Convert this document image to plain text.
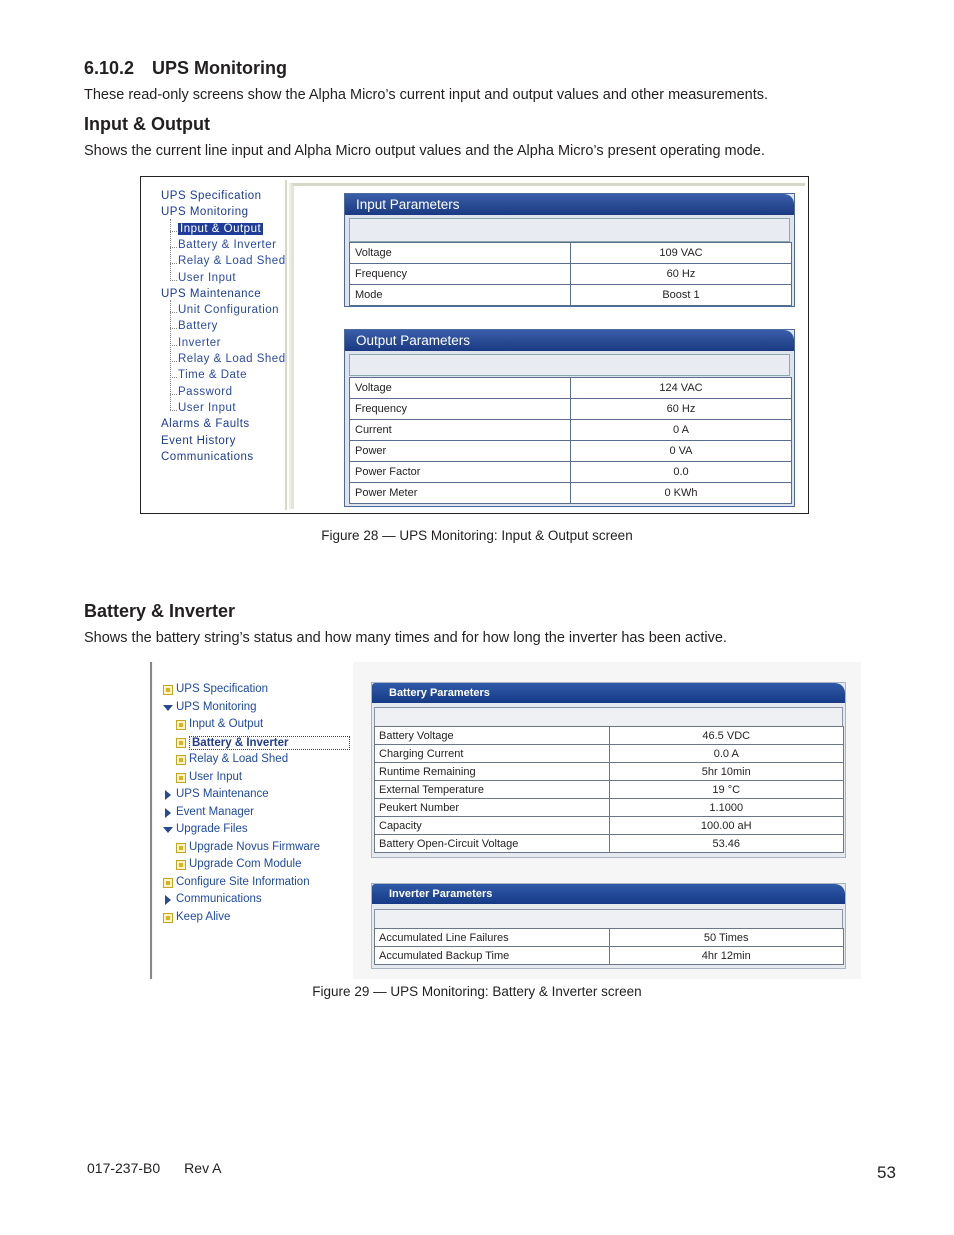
6.10.2 UPS Monitoring
These read-only screens show the Alpha Micro’s current input and output values and other measurements.
Input & Output
Shows the current line input and Alpha Micro output values and the Alpha Micro’s present operating mode.
UPS Specification
UPS Monitoring
Input & Output
Battery & Inverter
Relay & Load Shed
User Input
UPS Maintenance
Unit Configuration
Battery
Inverter
Relay & Load Shed
Time & Date
Password
User Input
Alarms & Faults
Event History
Communications
Input Parameters
Voltage	109 VAC
Frequency	60 Hz
Mode	Boost 1
Output Parameters
Voltage	124 VAC
Frequency	60 Hz
Current	0 A
Power	0 VA
Power Factor	0.0
Power Meter	0 KWh
Figure 28 — UPS Monitoring: Input & Output screen
Battery & Inverter
Shows the battery string’s status and how many times and for how long the inverter has been active.
UPS Specification
UPS Monitoring
Input & Output
Battery & Inverter
Relay & Load Shed
User Input
UPS Maintenance
Event Manager
Upgrade Files
Upgrade Novus Firmware
Upgrade Com Module
Configure Site Information
Communications
Keep Alive
Battery Parameters
Battery Voltage	46.5 VDC
Charging Current	0.0 A
Runtime Remaining	5hr 10min
External Temperature	19 °C
Peukert Number	1.1000
Capacity	100.00 aH
Battery Open-Circuit Voltage	53.46
Inverter Parameters
Accumulated Line Failures	50 Times
Accumulated Backup Time	4hr 12min
Figure 29 — UPS Monitoring: Battery & Inverter screen
017-237-B0 Rev A	53
